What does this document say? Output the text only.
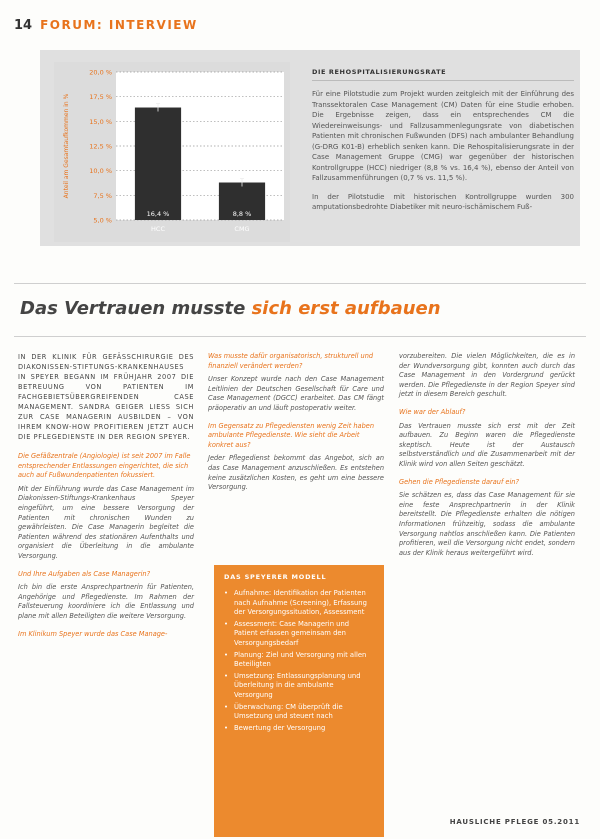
14 FORUM: INTERVIEW
20,0 %
17,5 %
15,0 %
12,5 %
10,0 %
7,5 %
5,0 %
Anteil am Gesamtaufkommen in %
16,4 %
HCC
8,8 %
CMG
DIE REHOSPITALISIERUNGSRATE

Für eine Pilotstudie zum Projekt wurden zeitgleich mit der Einführung des Transsektoralen Case Management (CM) Daten für eine Studie erhoben. Die Ergebnisse zeigen, dass ein entsprechendes CM die Wiedereinweisungs- und Fallzusammenlegungsrate von diabetischen Patienten mit chronischen Fußwunden (DFS) nach ambulanter Behandlung (G-DRG K01-B) erheblich senken kann. Die Rehospitalisierungsrate in der Case Management Gruppe (CMG) war gegenüber der historischen Kontrollgruppe (HCC) niedriger (8,8 % vs. 16,4 %), ebenso der Anteil von Fallzusammenführungen (0,7 % vs. 11,5 %).

In der Pilotstudie mit historischen Kontrollgruppe wurden 300 amputationsbedrohte Diabetiker mit neuro-ischämischem Fuß-

Das Vertrauen musste sich erst aufbauen

IN DER KLINIK FÜR GEFÄSSCHIRURGIE DES DIAKONISSEN-STIFTUNGS-KRANKENHAUSES IN SPEYER BEGANN IM FRÜHJAHR 2007 DIE BETREUUNG VON PATIENTEN IM FACHGEBIETSÜBERGREIFENDEN CASE MANAGEMENT. SANDRA GEIGER LIESS SICH ZUR CASE MANAGERIN AUSBILDEN – VON IHREM KNOW-HOW PROFITIEREN JETZT AUCH DIE PFLEGEDIENSTE IN DER REGION SPEYER.

Die Gefäßzentrale (Angiologie) ist seit 2007 im Falle entsprechender Entlassungen eingerichtet, die sich auch auf Fußwundenpatienten fokussiert.

Mit der Einführung wurde das Case Management im Diakonissen-Stiftungs-Krankenhaus Speyer eingeführt, um eine bessere Versorgung der Patienten mit chronischen Wunden zu gewährleisten. Die Case Managerin begleitet die Patienten während des stationären Aufenthalts und organisiert die Überleitung in die ambulante Versorgung.

Und Ihre Aufgaben als Case Managerin?

Ich bin die erste Ansprechpartnerin für Patienten, Angehörige und Pflegedienste. Im Rahmen der Fallsteuerung koordiniere ich die Entlassung und plane mit allen Beteiligten die weitere Versorgung.

Im Klinikum Speyer wurde das Case Manage-

Was musste dafür organisatorisch, strukturell und finanziell verändert werden?

Unser Konzept wurde nach den Case Management Leitlinien der Deutschen Gesellschaft für Care und Case Management (DGCC) erarbeitet. Das CM fängt präoperativ an und läuft postoperativ weiter.

Im Gegensatz zu Pflegediensten wenig Zeit haben ambulante Pflegedienste. Wie sieht die Arbeit konkret aus?

Jeder Pflegedienst bekommt das Angebot, sich an das Case Management anzuschließen. Es entstehen keine zusätzlichen Kosten, es geht um eine bessere Versorgung.

DAS SPEYERER MODELL
• Aufnahme: Identifikation der Patienten nach Aufnahme (Screening), Erfassung der Versorgungssituation, Assessment
• Assessment: Case Managerin und Patient erfassen gemeinsam den Versorgungsbedarf
• Planung: Ziel und Versorgung mit allen Beteiligten
• Umsetzung: Entlassungsplanung und Überleitung in die ambulante Versorgung
• Überwachung: CM überprüft die Umsetzung und steuert nach
• Bewertung der Versorgung

vorzubereiten. Die vielen Möglichkeiten, die es in der Wundversorgung gibt, konnten auch durch das Case Management in den Vordergrund gerückt werden. Die Pflegedienste in der Region Speyer sind jetzt in diesem Bereich geschult.

Wie war der Ablauf?

Das Vertrauen musste sich erst mit der Zeit aufbauen. Zu Beginn waren die Pflegedienste skeptisch. Heute ist der Austausch selbstverständlich und die Zusammenarbeit mit der Klinik wird von allen Seiten geschätzt.

Gehen die Pflegedienste darauf ein?

Sie schätzen es, dass das Case Management für sie eine feste Ansprechpartnerin in der Klinik bereitstellt. Die Pflegedienste erhalten die nötigen Informationen frühzeitig, sodass die ambulante Versorgung nahtlos anschließen kann. Die Patienten profitieren, weil die Versorgung nicht endet, sondern aus der Klinik heraus weitergeführt wird.

HAUSLICHE PFLEGE 05.2011
